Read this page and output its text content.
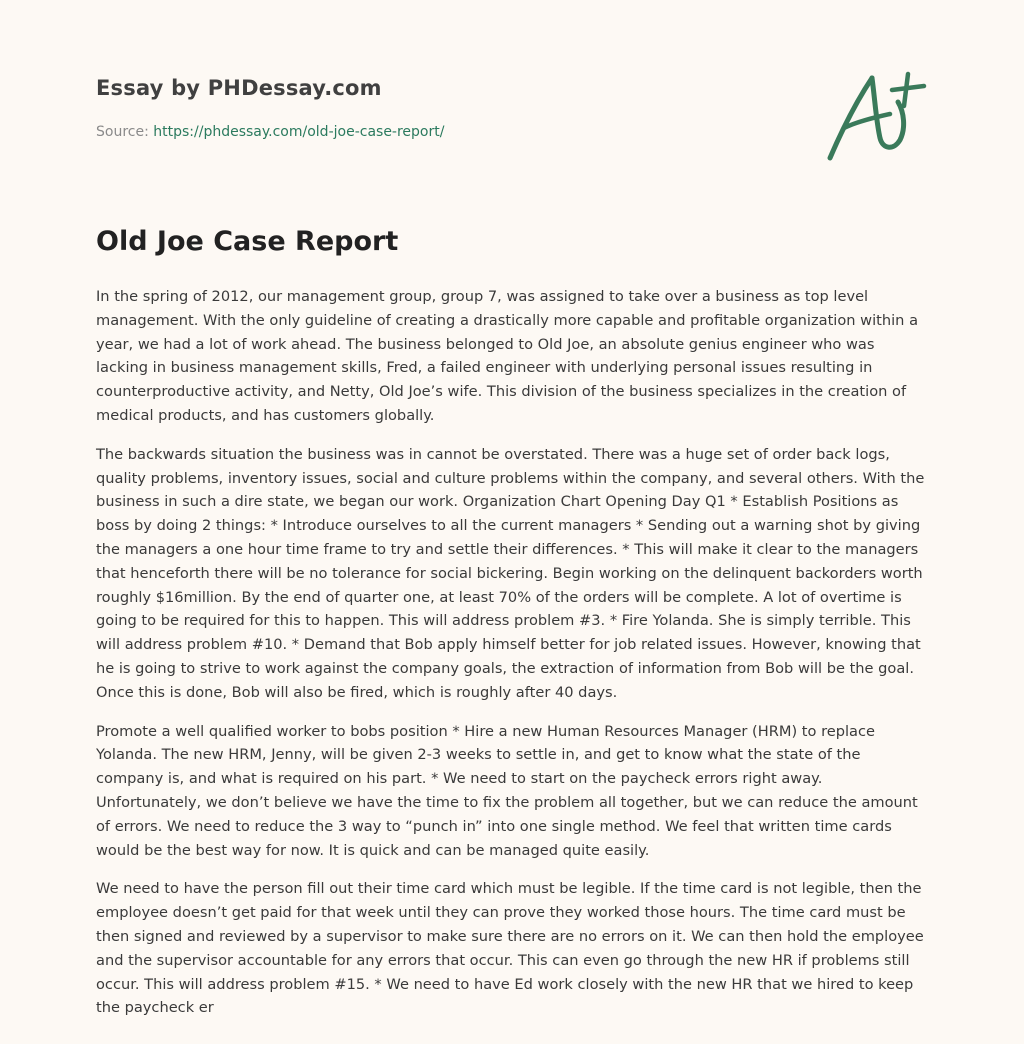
Essay by PHDessay.com
Source: https://phdessay.com/old-joe-case-report/
Old Joe Case Report

In the spring of 2012, our management group, group 7, was assigned to take over a business as top level management. With the only guideline of creating a drastically more capable and profitable organization within a year, we had a lot of work ahead. The business belonged to Old Joe, an absolute genius engineer who was lacking in business management skills, Fred, a failed engineer with underlying personal issues resulting in counterproductive activity, and Netty, Old Joe’s wife. This division of the business specializes in the creation of medical products, and has customers globally.

The backwards situation the business was in cannot be overstated. There was a huge set of order back logs, quality problems, inventory issues, social and culture problems within the company, and several others. With the business in such a dire state, we began our work. Organization Chart Opening Day Q1 * Establish Positions as boss by doing 2 things: * Introduce ourselves to all the current managers * Sending out a warning shot by giving the managers a one hour time frame to try and settle their differences. * This will make it clear to the managers that henceforth there will be no tolerance for social bickering. Begin working on the delinquent backorders worth roughly $16million. By the end of quarter one, at least 70% of the orders will be complete. A lot of overtime is going to be required for this to happen. This will address problem #3. * Fire Yolanda. She is simply terrible. This will address problem #10. * Demand that Bob apply himself better for job related issues. However, knowing that he is going to strive to work against the company goals, the extraction of information from Bob will be the goal. Once this is done, Bob will also be fired, which is roughly after 40 days.

Promote a well qualified worker to bobs position * Hire a new Human Resources Manager (HRM) to replace Yolanda. The new HRM, Jenny, will be given 2-3 weeks to settle in, and get to know what the state of the company is, and what is required on his part. * We need to start on the paycheck errors right away. Unfortunately, we don’t believe we have the time to fix the problem all together, but we can reduce the amount of errors. We need to reduce the 3 way to “punch in” into one single method. We feel that written time cards would be the best way for now. It is quick and can be managed quite easily.

We need to have the person fill out their time card which must be legible. If the time card is not legible, then the employee doesn’t get paid for that week until they can prove they worked those hours. The time card must be then signed and reviewed by a supervisor to make sure there are no errors on it. We can then hold the employee and the supervisor accountable for any errors that occur. This can even go through the new HR if problems still occur. This will address problem #15. * We need to have Ed work closely with the new HR that we hired to keep the paycheck er
